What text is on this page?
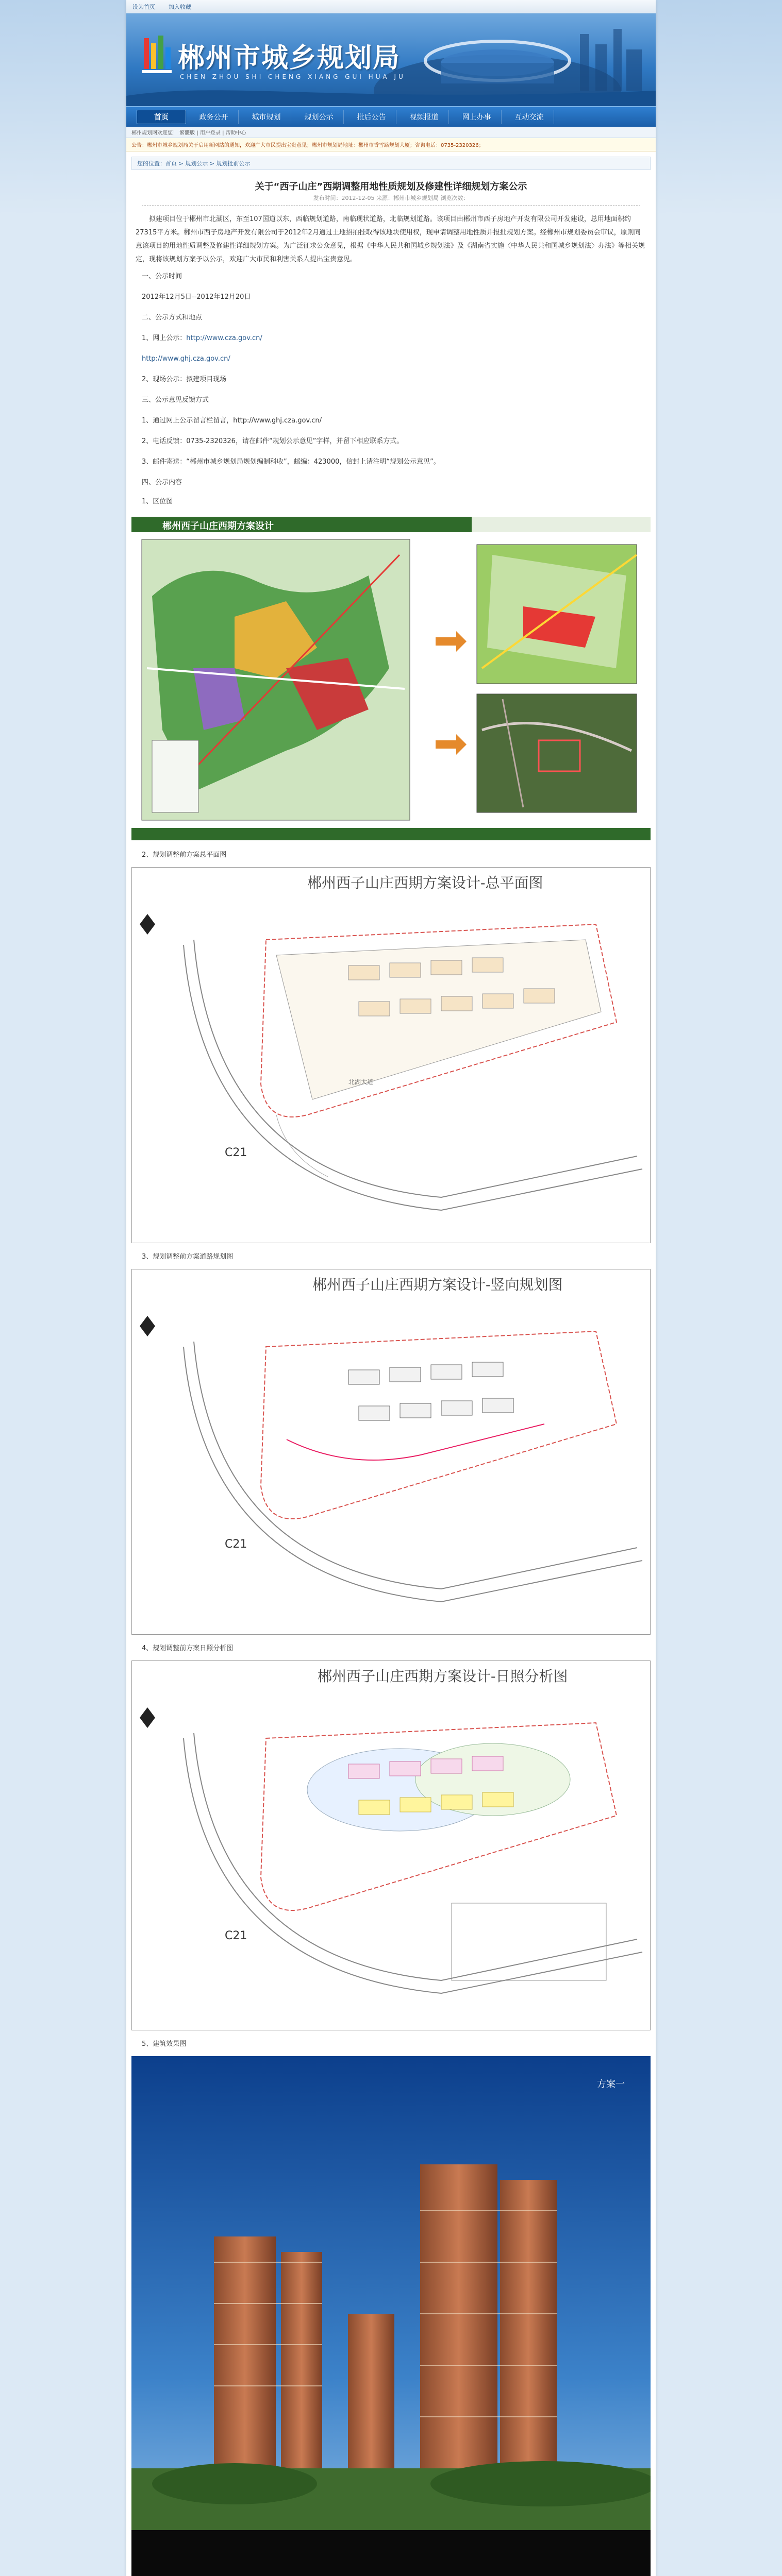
设为首页 加入收藏
郴州市城乡规划局
CHEN ZHOU SHI CHENG XIANG GUI HUA JU
首页	政务公开	城市规划	规划公示	批后公告	视频报道	网上办事	互动交流
郴州规划网欢迎您！ 繁體版 | 用户登录 | 帮助中心
公告：郴州市城乡规划局关于启用新网站的通知，欢迎广大市民提出宝贵意见；郴州市规划局地址：郴州市香雪路规划大厦；咨询电话：0735-2320326；
您的位置：首页 > 规划公示 > 规划批前公示
关于“西子山庄”西期调整用地性质规划及修建性详细规划方案公示
发布时间：2012-12-05 来源：郴州市城乡规划局 浏览次数：
拟建项目位于郴州市北湖区，东至107国道以东，西临规划道路，南临现状道路，北临规划道路。该项目由郴州市西子房地产开发有限公司开发建设，总用地面积约27315平方米。郴州市西子房地产开发有限公司于2012年2月通过土地招拍挂取得该地块使用权，现申请调整用地性质并报批规划方案。经郴州市规划委员会审议，原则同意该项目的用地性质调整及修建性详细规划方案。为广泛征求公众意见，根据《中华人民共和国城乡规划法》及《湖南省实施〈中华人民共和国城乡规划法〉办法》等相关规定，现将该规划方案予以公示，欢迎广大市民和利害关系人提出宝贵意见。
一、公示时间
2012年12月5日--2012年12月20日
二、公示方式和地点
1、网上公示：http://www.cza.gov.cn/
http://www.ghj.cza.gov.cn/
2、现场公示：拟建项目现场
三、公示意见反馈方式
1、通过网上公示留言栏留言，http://www.ghj.cza.gov.cn/
2、电话反馈：0735-2320326，请在邮件“规划公示意见”字样，并留下相应联系方式。
3、邮件寄送：“郴州市城乡规划局规划编制科收”，邮编：423000，信封上请注明“规划公示意见”。
四、公示内容
1、区位图
郴州西子山庄西期方案设计
2、规划调整前方案总平面图
C21
北湖大道
郴州西子山庄西期方案设计-总平面图
3、规划调整前方案道路规划图
C21
郴州西子山庄西期方案设计-竖向规划图
4、规划调整前方案日照分析图
C21
郴州西子山庄西期方案设计-日照分析图
5、建筑效果图
方案一
